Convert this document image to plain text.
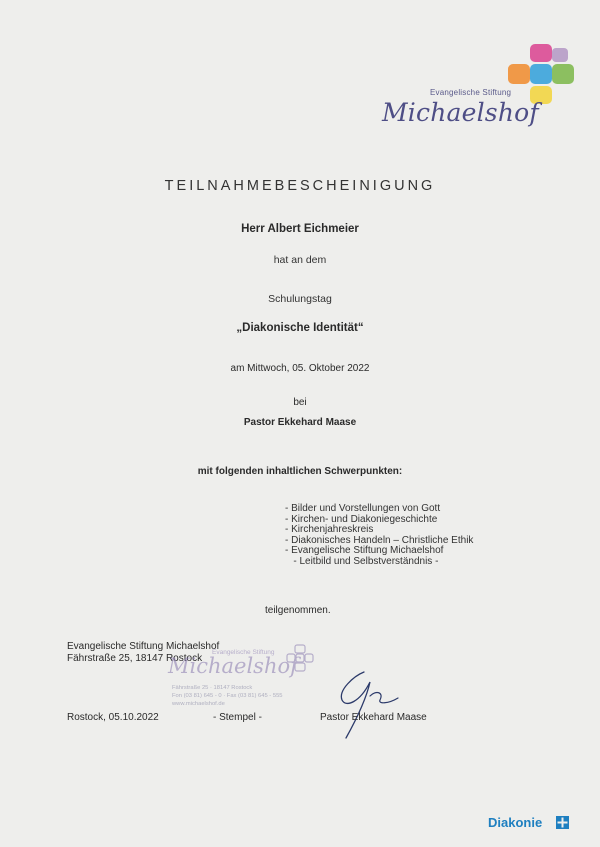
Evangelische Stiftung
Michaelshof
TEILNAHMEBESCHEINIGUNG
Herr Albert Eichmeier
hat an dem
Schulungstag
„Diakonische Identität“
am Mittwoch, 05. Oktober 2022
bei
Pastor Ekkehard Maase
mit folgenden inhaltlichen Schwerpunkten:
- Bilder und Vorstellungen von Gott
- Kirchen- und Diakoniegeschichte
- Kirchenjahreskreis
- Diakonisches Handeln – Christliche Ethik
- Evangelische Stiftung Michaelshof
- Leitbild und Selbstverständnis -
teilgenommen.
Evangelische Stiftung Michaelshof
Fährstraße 25, 18147 Rostock
Evangelische Stiftung
Michaelshof
Fährstraße 25 · 18147 Rostock
Fon (03 81) 645 - 0 · Fax (03 81) 645 - 555
www.michaelshof.de
Rostock, 05.10.2022	- Stempel -	Pastor Ekkehard Maase
Diakonie
